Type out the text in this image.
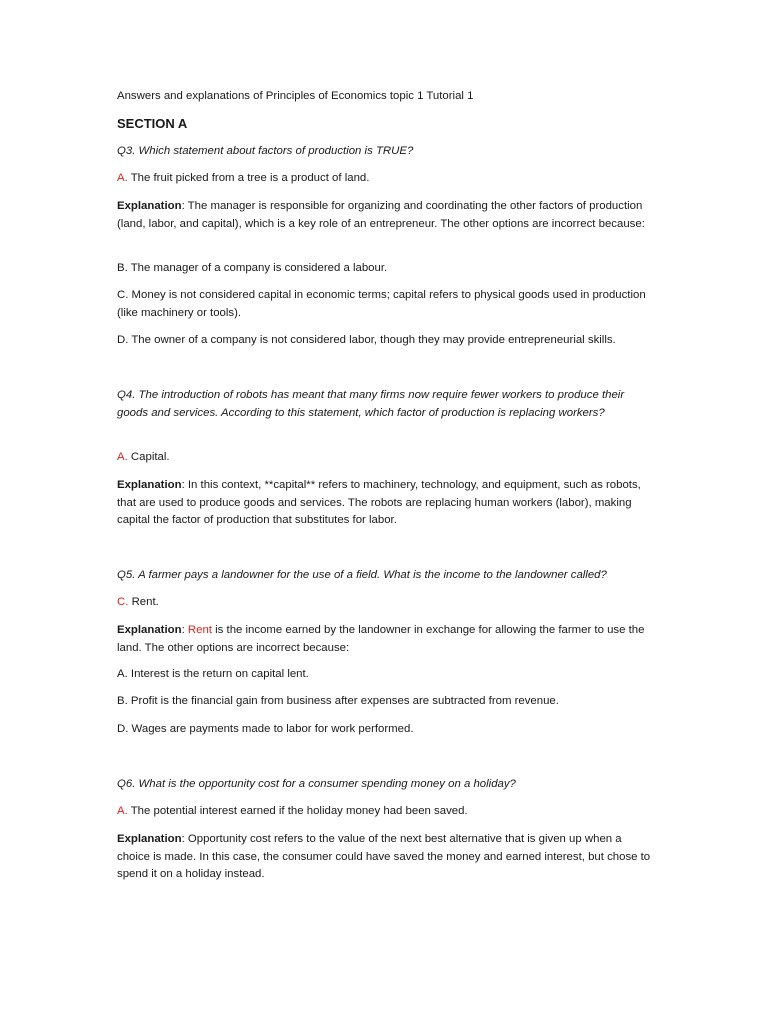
Answers and explanations of Principles of Economics topic 1 Tutorial 1

SECTION A

Q3. Which statement about factors of production is TRUE?

A. The fruit picked from a tree is a product of land.

Explanation: The manager is responsible for organizing and coordinating the other factors of production (land, labor, and capital), which is a key role of an entrepreneur. The other options are incorrect because:

B. The manager of a company is considered a labour.

C. Money is not considered capital in economic terms; capital refers to physical goods used in production (like machinery or tools).

D. The owner of a company is not considered labor, though they may provide entrepreneurial skills.

Q4. The introduction of robots has meant that many firms now require fewer workers to produce their goods and services. According to this statement, which factor of production is replacing workers?

A. Capital.

Explanation: In this context, **capital** refers to machinery, technology, and equipment, such as robots, that are used to produce goods and services. The robots are replacing human workers (labor), making capital the factor of production that substitutes for labor.

Q5. A farmer pays a landowner for the use of a field. What is the income to the landowner called?

C. Rent.

Explanation: Rent is the income earned by the landowner in exchange for allowing the farmer to use the land. The other options are incorrect because:

A. Interest is the return on capital lent.

B. Profit is the financial gain from business after expenses are subtracted from revenue.

D. Wages are payments made to labor for work performed.

Q6. What is the opportunity cost for a consumer spending money on a holiday?

A. The potential interest earned if the holiday money had been saved.

Explanation: Opportunity cost refers to the value of the next best alternative that is given up when a choice is made. In this case, the consumer could have saved the money and earned interest, but chose to spend it on a holiday instead.
